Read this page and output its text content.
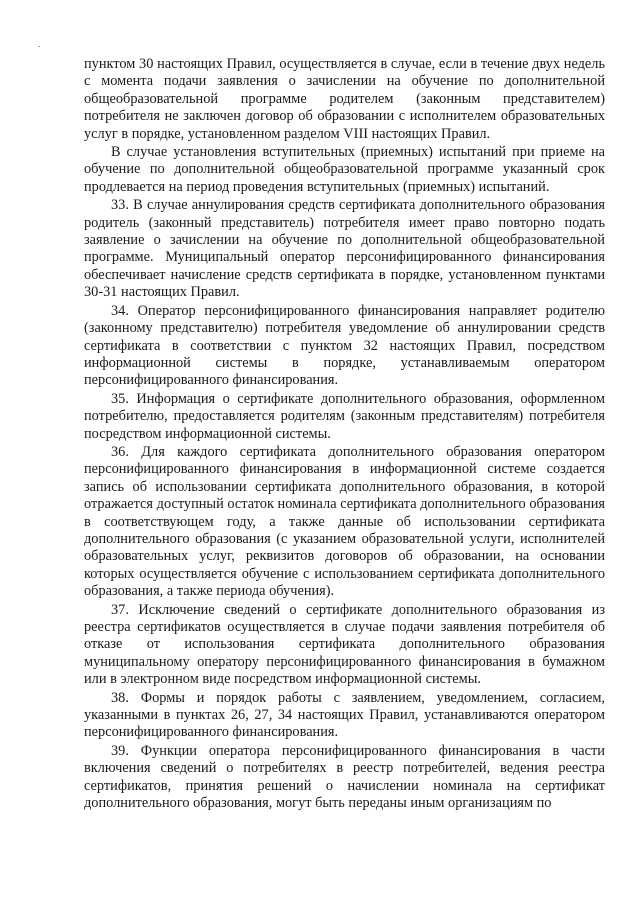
пунктом 30 настоящих Правил, осуществляется в случае, если в течение двух недель с момента подачи заявления о зачислении на обучение по дополнительной общеобразовательной программе родителем (законным представителем) потребителя не заключен договор об образовании с исполнителем образовательных услуг в порядке, установленном разделом VIII настоящих Правил.

В случае установления вступительных (приемных) испытаний при приеме на обучение по дополнительной общеобразовательной программе указанный срок продлевается на период проведения вступительных (приемных) испытаний.

33. В случае аннулирования средств сертификата дополнительного образования родитель (законный представитель) потребителя имеет право повторно подать заявление о зачислении на обучение по дополнительной общеобразовательной программе. Муниципальный оператор персонифицированного финансирования обеспечивает начисление средств сертификата в порядке, установленном пунктами 30-31 настоящих Правил.

34. Оператор персонифицированного финансирования направляет родителю (законному представителю) потребителя уведомление об аннулировании средств сертификата в соответствии с пунктом 32 настоящих Правил, посредством информационной системы в порядке, устанавливаемым оператором персонифицированного финансирования.

35. Информация о сертификате дополнительного образования, оформленном потребителю, предоставляется родителям (законным представителям) потребителя посредством информационной системы.

36. Для каждого сертификата дополнительного образования оператором персонифицированного финансирования в информационной системе создается запись об использовании сертификата дополнительного образования, в которой отражается доступный остаток номинала сертификата дополнительного образования в соответствующем году, а также данные об использовании сертификата дополнительного образования (с указанием образовательной услуги, исполнителей образовательных услуг, реквизитов договоров об образовании, на основании которых осуществляется обучение с использованием сертификата дополнительного образования, а также периода обучения).

37. Исключение сведений о сертификате дополнительного образования из реестра сертификатов осуществляется в случае подачи заявления потребителя об отказе от использования сертификата дополнительного образования муниципальному оператору персонифицированного финансирования в бумажном или в электронном виде посредством информационной системы.

38. Формы и порядок работы с заявлением, уведомлением, согласием, указанными в пунктах 26, 27, 34 настоящих Правил, устанавливаются оператором персонифицированного финансирования.

39. Функции оператора персонифицированного финансирования в части включения сведений о потребителях в реестр потребителей, ведения реестра сертификатов, принятия решений о начислении номинала на сертификат дополнительного образования, могут быть переданы иным организациям по
